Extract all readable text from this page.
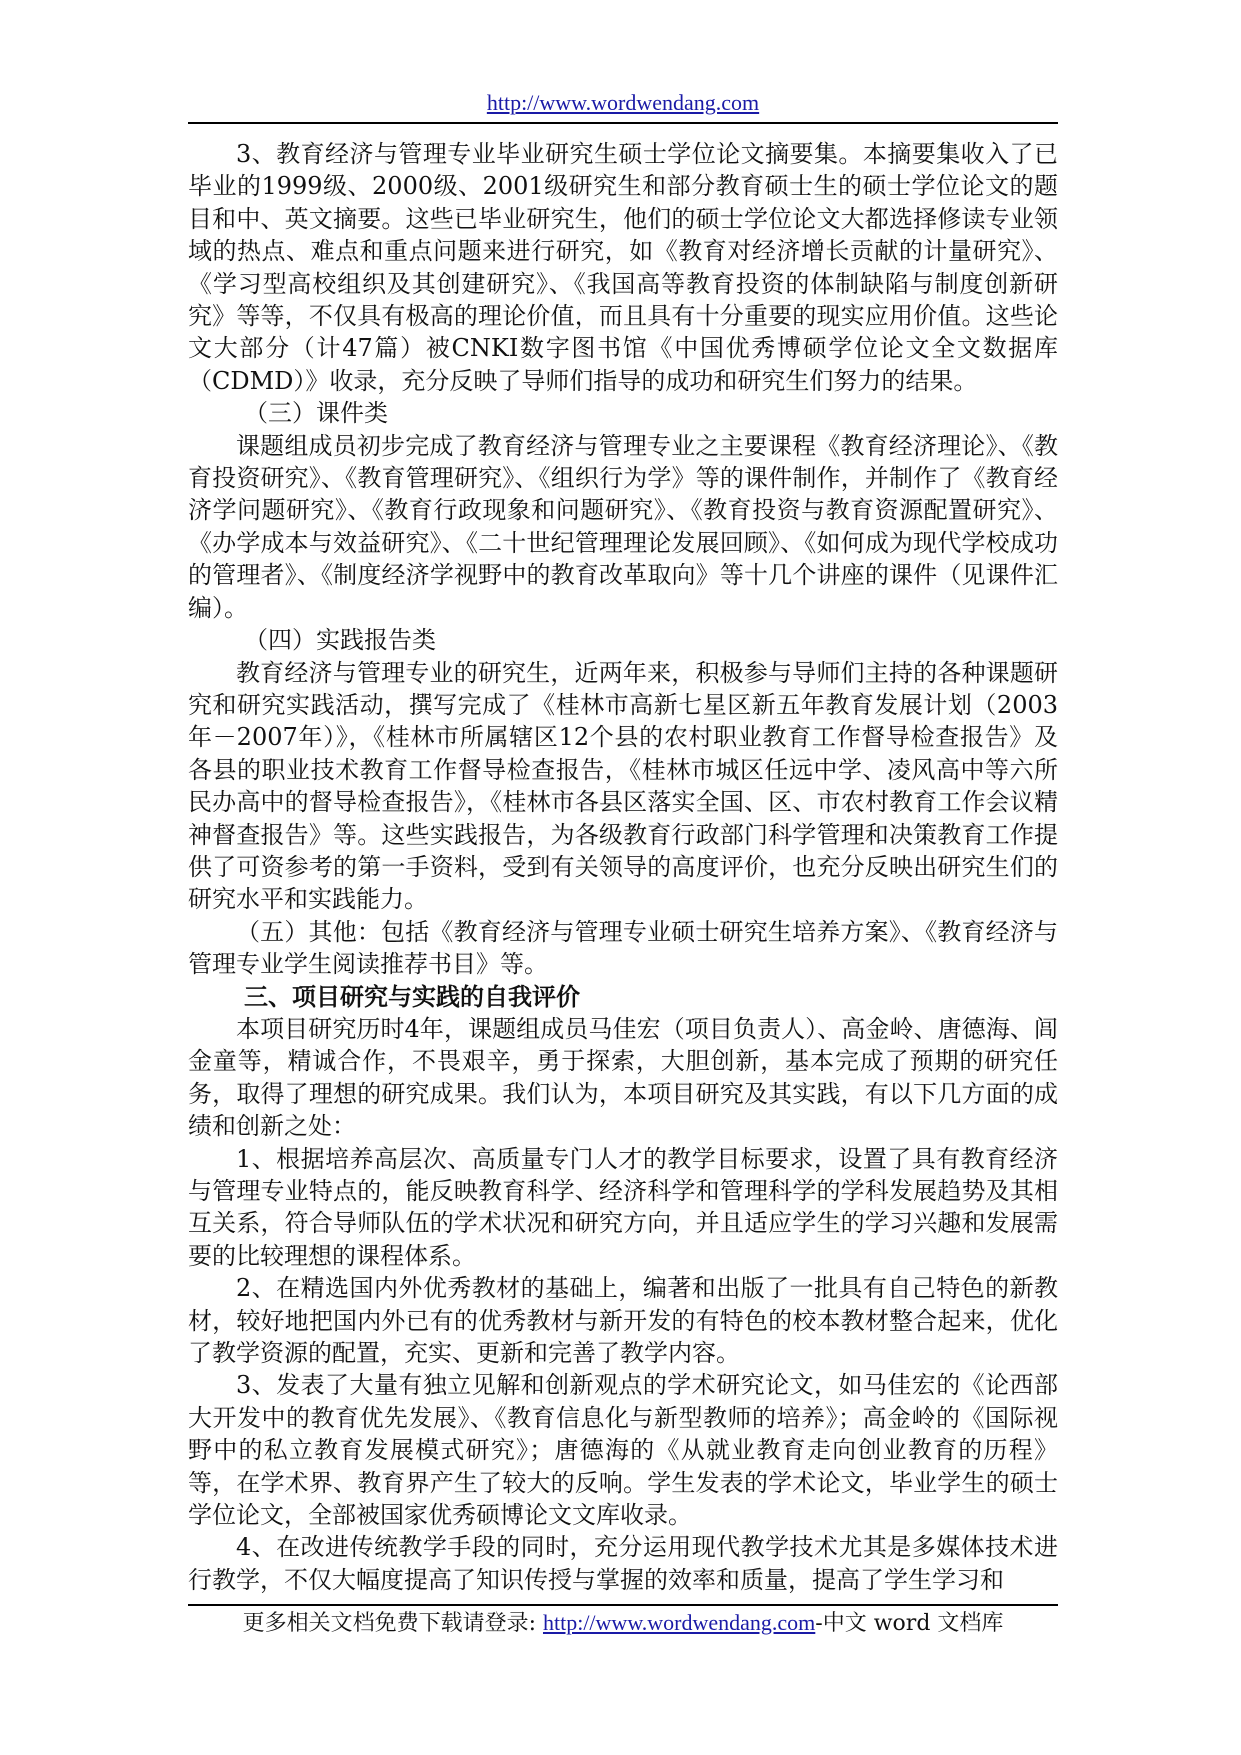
http://www.wordwendang.com

3、教育经济与管理专业毕业研究生硕士学位论文摘要集。本摘要集收入了已毕业的1999级、2000级、2001级研究生和部分教育硕士生的硕士学位论文的题目和中、英文摘要。这些已毕业研究生，他们的硕士学位论文大都选择修读专业领域的热点、难点和重点问题来进行研究，如《教育对经济增长贡献的计量研究》、《学习型高校组织及其创建研究》、《我国高等教育投资的体制缺陷与制度创新研究》等等，不仅具有极高的理论价值，而且具有十分重要的现实应用价值。这些论文大部分（计47篇）被CNKI数字图书馆《中国优秀博硕学位论文全文数据库（CDMD）》收录，充分反映了导师们指导的成功和研究生们努力的结果。

（三）课件类

课题组成员初步完成了教育经济与管理专业之主要课程《教育经济理论》、《教育投资研究》、《教育管理研究》、《组织行为学》等的课件制作，并制作了《教育经济学问题研究》、《教育行政现象和问题研究》、《教育投资与教育资源配置研究》、《办学成本与效益研究》、《二十世纪管理理论发展回顾》、《如何成为现代学校成功的管理者》、《制度经济学视野中的教育改革取向》等十几个讲座的课件（见课件汇编）。

（四）实践报告类

教育经济与管理专业的研究生，近两年来，积极参与导师们主持的各种课题研究和研究实践活动，撰写完成了《桂林市高新七星区新五年教育发展计划（2003年－2007年）》，《桂林市所属辖区12个县的农村职业教育工作督导检查报告》及各县的职业技术教育工作督导检查报告，《桂林市城区任远中学、凌风高中等六所民办高中的督导检查报告》，《桂林市各县区落实全国、区、市农村教育工作会议精神督查报告》等。这些实践报告，为各级教育行政部门科学管理和决策教育工作提供了可资参考的第一手资料，受到有关领导的高度评价，也充分反映出研究生们的研究水平和实践能力。

（五）其他：包括《教育经济与管理专业硕士研究生培养方案》、《教育经济与管理专业学生阅读推荐书目》等。

三、项目研究与实践的自我评价

本项目研究历时4年，课题组成员马佳宏（项目负责人）、高金岭、唐德海、闾金童等，精诚合作，不畏艰辛，勇于探索，大胆创新，基本完成了预期的研究任务，取得了理想的研究成果。我们认为，本项目研究及其实践，有以下几方面的成绩和创新之处：

1、根据培养高层次、高质量专门人才的教学目标要求，设置了具有教育经济与管理专业特点的，能反映教育科学、经济科学和管理科学的学科发展趋势及其相互关系，符合导师队伍的学术状况和研究方向，并且适应学生的学习兴趣和发展需要的比较理想的课程体系。

2、在精选国内外优秀教材的基础上，编著和出版了一批具有自己特色的新教材，较好地把国内外已有的优秀教材与新开发的有特色的校本教材整合起来，优化了教学资源的配置，充实、更新和完善了教学内容。

3、发表了大量有独立见解和创新观点的学术研究论文，如马佳宏的《论西部大开发中的教育优先发展》、《教育信息化与新型教师的培养》；高金岭的《国际视野中的私立教育发展模式研究》；唐德海的《从就业教育走向创业教育的历程》等，在学术界、教育界产生了较大的反响。学生发表的学术论文，毕业学生的硕士学位论文，全部被国家优秀硕博论文文库收录。

4、在改进传统教学手段的同时，充分运用现代教学技术尤其是多媒体技术进行教学，不仅大幅度提高了知识传授与掌握的效率和质量，提高了学生学习和

更多相关文档免费下载请登录: http://www.wordwendang.com-中文 word 文档库
